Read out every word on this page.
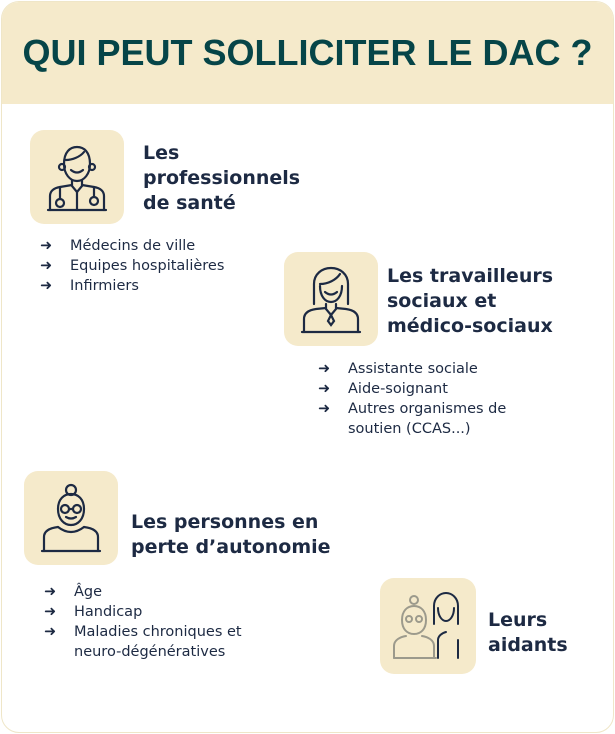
QUI PEUT SOLLICITER LE DAC ?
Les
professionnels
de santé
➜ Médecins de ville
➜ Equipes hospitalières
➜ Infirmiers	Les travailleurs
sociaux et
médico-sociaux
➜ Assistante sociale
➜ Aide-soignant
➜ Autres organismes de soutien (CCAS...)
Les personnes en
perte d’autonomie
➜ Âge
➜ Handicap
➜ Maladies chroniques et neuro-dégénératives
Leurs
aidants
